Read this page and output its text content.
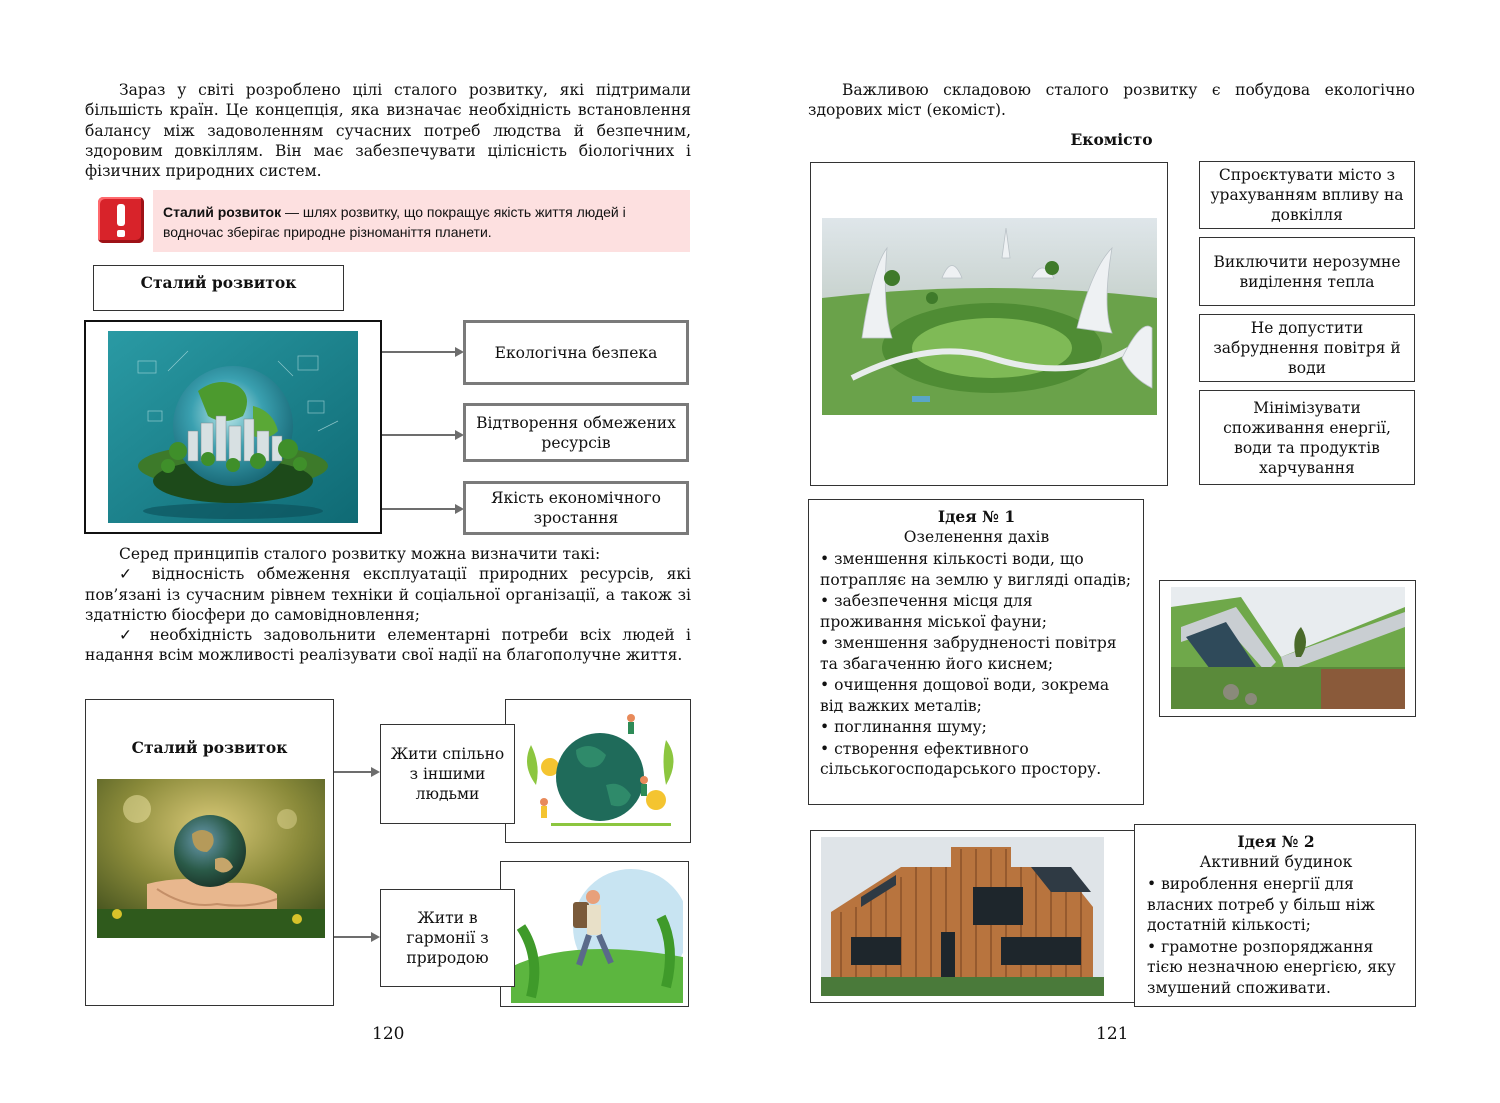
Зараз у світі розроблено цілі сталого розвитку, які підтримали більшість країн. Це концепція, яка визначає необхідність встановлення балансу між задоволенням сучасних потреб людства й безпечним, здоровим довкіллям. Він має забезпечувати цілісність біологічних і фізичних природних систем.

Сталий розвиток — шлях розвитку, що покращує якість життя людей і водночас зберігає природне різноманіття планети.
Сталий розвиток
Екологічна безпека
Відтворення обмежених ресурсів
Якість економічного зростання

Серед принципів сталого розвитку можна визначити такі:

✓ відносність обмеження експлуатації природних ресурсів, які пов’язані із сучасним рівнем техніки й соціальної організації, а також зі здатністю біосфери до самовідновлення;

✓ необхідність задовольнити елементарні потреби всіх людей і надання всім можливості реалізувати свої надії на благополучне життя.

Сталий розвиток	Жити спільно з іншими людьми
Жити в гармонії з природою
120

Важливою складовою сталого розвитку є побудова екологічно здорових міст (екоміст).

Екомісто
Спроєктувати місто з урахуванням впливу на довкілля
Виключити нерозумне виділення тепла
Не допустити забруднення повітря й води
Мінімізувати споживання енергії, води та продуктів харчування
Ідея № 1
Озеленення дахів
• зменшення кількості води, що потрапляє на землю у вигляді опадів;
• забезпечення місця для проживання міської фауни;
• зменшення забрудненості повітря та збагаченню його киснем;
• очищення дощової води, зокрема від важких металів;
• поглинання шуму;
• створення ефективного сільськогосподарського простору.
Ідея № 2
Активний будинок
• вироблення енергії для власних потреб у більш ніж достатній кількості;
• грамотне розпоряджання тією незначною енергією, яку змушений споживати.
121
